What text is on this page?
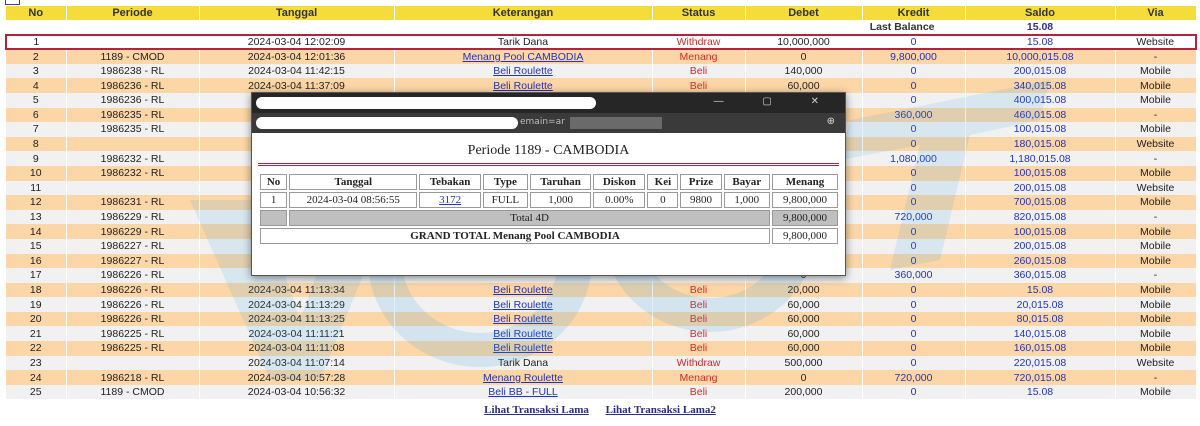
No	Periode	Tanggal	Keterangan	Status	Debet	Kredit	Saldo	Via
					Last Balance		15.08	
1		2024-03-04 12:02:09	Tarik Dana	Withdraw	10,000,000	0	15.08	Website
2	1189 - CMOD	2024-03-04 12:01:36	Menang Pool CAMBODIA	Menang	0	9,800,000	10,000,015.08	-
3	1986238 - RL	2024-03-04 11:42:15	Beli Roulette	Beli	140,000	0	200,015.08	Mobile
4	1986236 - RL	2024-03-04 11:37:09	Beli Roulette	Beli	60,000	0	340,015.08	Mobile
5	1986236 - RL					0	400,015.08	Mobile
6	1986235 - RL					360,000	460,015.08	-
7	1986235 - RL					0	100,015.08	Mobile
8						0	180,015.08	Website
9	1986232 - RL					1,080,000	1,180,015.08	-
10	1986232 - RL					0	100,015.08	Mobile
11						0	200,015.08	Website
12	1986231 - RL					0	700,015.08	Mobile
13	1986229 - RL					720,000	820,015.08	-
14	1986229 - RL					0	100,015.08	Mobile
15	1986227 - RL					0	200,015.08	Mobile
16	1986227 - RL					0	260,015.08	Mobile
17	1986226 - RL					360,000	360,015.08	-
18	1986226 - RL	2024-03-04 11:13:34	Beli Roulette	Beli	20,000	0	15.08	Mobile
19	1986226 - RL	2024-03-04 11:13:29	Beli Roulette	Beli	60,000	0	20,015.08	Mobile
20	1986226 - RL	2024-03-04 11:13:25	Beli Roulette	Beli	60,000	0	80,015.08	Mobile
21	1986225 - RL	2024-03-04 11:11:21	Beli Roulette	Beli	60,000	0	140,015.08	Mobile
22	1986225 - RL	2024-03-04 11:11:08	Beli Roulette	Beli	60,000	0	160,015.08	Mobile
23		2024-03-04 11:07:14	Tarik Dana	Withdraw	500,000	0	220,015.08	Website
24	1986218 - RL	2024-03-04 10:57:28	Menang Roulette	Menang	0	720,000	720,015.08	-
25	1189 - CMOD	2024-03-04 10:56:32	Beli BB - FULL	Beli	200,000	0	15.08	Mobile
Lihat Transaksi Lama Lihat Transaksi Lama2
— ▢ ✕
emain=ar	⊕
Periode 1189 - CAMBODIA
No	Tanggal	Tebakan	Type	Taruhan	Diskon	Kei	Prize	Bayar	Menang
1	2024-03-04 08:56:55	3172	FULL	1,000	0.00%	0	9800	1,000	9,800,000
	Total 4D								9,800,000
GRAND TOTAL Menang Pool CAMBODIA									9,800,000
